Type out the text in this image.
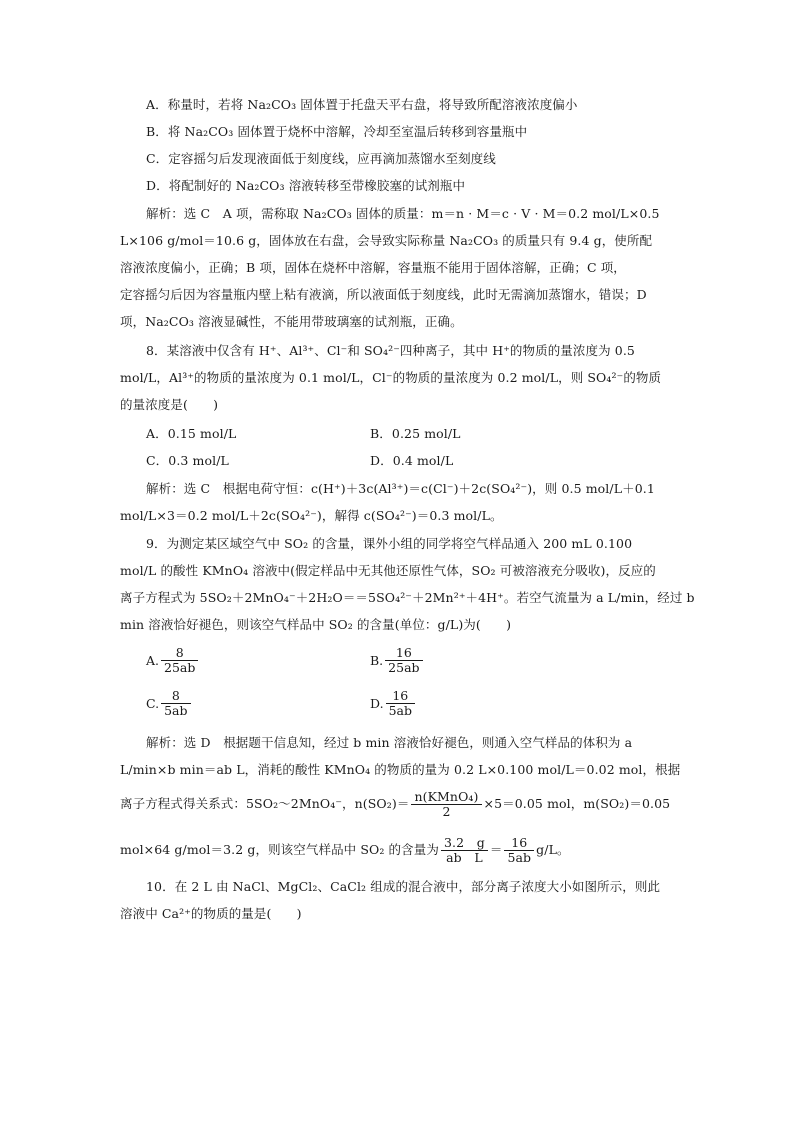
A．称量时，若将 Na₂CO₃ 固体置于托盘天平右盘，将导致所配溶液浓度偏小
B．将 Na₂CO₃ 固体置于烧杯中溶解，冷却至室温后转移到容量瓶中
C．定容摇匀后发现液面低于刻度线，应再滴加蒸馏水至刻度线
D．将配制好的 Na₂CO₃ 溶液转移至带橡胶塞的试剂瓶中
解析：选 C　A 项，需称取 Na₂CO₃ 固体的质量：m＝n · M＝c · V · M＝0.2 mol/L×0.5
L×106 g/mol＝10.6 g，固体放在右盘，会导致实际称量 Na₂CO₃ 的质量只有 9.4 g，使所配
溶液浓度偏小，正确；B 项，固体在烧杯中溶解，容量瓶不能用于固体溶解，正确；C 项，
定容摇匀后因为容量瓶内壁上粘有液滴，所以液面低于刻度线，此时无需滴加蒸馏水，错误；D
项，Na₂CO₃ 溶液显碱性，不能用带玻璃塞的试剂瓶，正确。
8．某溶液中仅含有 H⁺、Al³⁺、Cl⁻和 SO₄²⁻四种离子，其中 H⁺的物质的量浓度为 0.5
mol/L，Al³⁺的物质的量浓度为 0.1 mol/L，Cl⁻的物质的量浓度为 0.2 mol/L，则 SO₄²⁻的物质
的量浓度是(　　)
A．0.15 mol/L	B．0.25 mol/L
C．0.3 mol/L	D．0.4 mol/L
解析：选 C　根据电荷守恒：c(H⁺)＋3c(Al³⁺)＝c(Cl⁻)＋2c(SO₄²⁻)，则 0.5 mol/L＋0.1
mol/L×3＝0.2 mol/L＋2c(SO₄²⁻)，解得 c(SO₄²⁻)＝0.3 mol/L。
9．为测定某区域空气中 SO₂ 的含量，课外小组的同学将空气样品通入 200 mL 0.100
mol/L 的酸性 KMnO₄ 溶液中(假定样品中无其他还原性气体，SO₂ 可被溶液充分吸收)，反应的
离子方程式为 5SO₂＋2MnO₄⁻＋2H₂O＝＝5SO₄²⁻＋2Mn²⁺＋4H⁺。若空气流量为 a L/min，经过 b
min 溶液恰好褪色，则该空气样品中 SO₂ 的含量(单位：g/L)为(　　)
A. $\frac{8}{25ab}$	B. $\frac{16}{25ab}$
C. $\frac{8}{5ab}$	D. $\frac{16}{5ab}$
解析：选 D　根据题干信息知，经过 b min 溶液恰好褪色，则通入空气样品的体积为 a
L/min×b min＝ab L，消耗的酸性 KMnO₄ 的物质的量为 0.2 L×0.100 mol/L＝0.02 mol，根据
离子方程式得关系式：5SO₂～2MnO₄⁻，$n(SO_2)= \frac{\text{n(KMnO₄)}}{2} \times 5=0.05$ mol，m(SO₂)＝0.05
mol×64 g/mol＝3.2 g，则该空气样品中 SO₂ 的含量为 $\frac{3.2 g}{\text{ab　L}} = \frac{16}{5ab} g/L$。
10．在 2 L 由 NaCl、MgCl₂、CaCl₂ 组成的混合液中，部分离子浓度大小如图所示，则此
溶液中 Ca²⁺的物质的量是(　　)
